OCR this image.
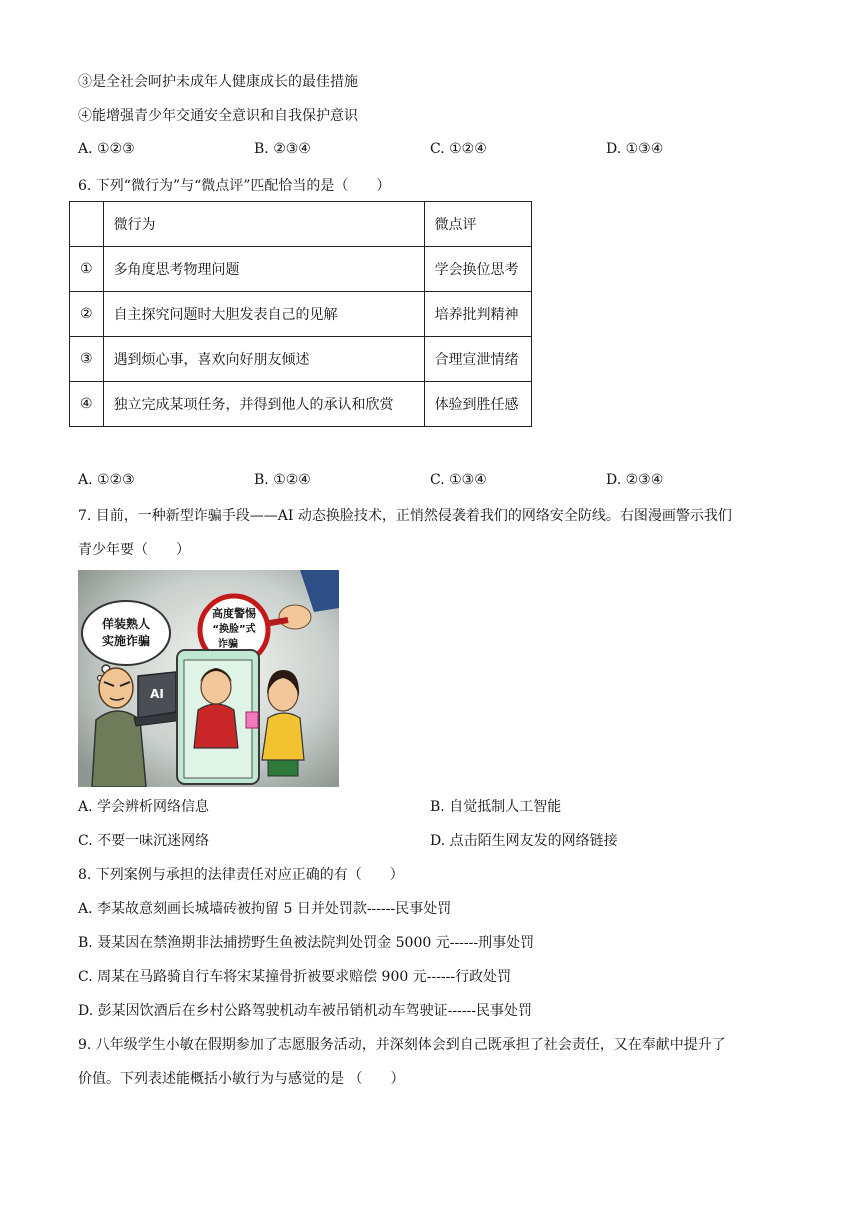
③是全社会呵护未成年人健康成长的最佳措施
④能增强青少年交通安全意识和自我保护意识
A. ①②③	B. ②③④	C. ①②④	D. ①③④
6. 下列“微行为”与“微点评”匹配恰当的是（　　）
	微行为	微点评
①	多角度思考物理问题	学会换位思考
②	自主探究问题时大胆发表自己的见解	培养批判精神
③	遇到烦心事，喜欢向好朋友倾述	合理宣泄情绪
④	独立完成某项任务，并得到他人的承认和欣赏	体验到胜任感
A. ①②③	B. ①②④	C. ①③④	D. ②③④
7. 目前，一种新型诈骗手段——AI 动态换脸技术，正悄然侵袭着我们的网络安全防线。右图漫画警示我们
青少年要（　　）
高度警惕
“换脸”式
诈骗
佯装熟人
实施诈骗
AI
A. 学会辨析网络信息	B. 自觉抵制人工智能
C. 不要一味沉迷网络	D. 点击陌生网友发的网络链接
8. 下列案例与承担的法律责任对应正确的有（　　）
A. 李某故意刻画长城墙砖被拘留 5 日并处罚款------民事处罚
B. 聂某因在禁渔期非法捕捞野生鱼被法院判处罚金 5000 元------刑事处罚
C. 周某在马路骑自行车将宋某撞骨折被要求赔偿 900 元------行政处罚
D. 彭某因饮酒后在乡村公路驾驶机动车被吊销机动车驾驶证------民事处罚
9. 八年级学生小敏在假期参加了志愿服务活动，并深刻体会到自己既承担了社会责任，又在奉献中提升了
价值。下列表述能概括小敏行为与感觉的是 （　　）
